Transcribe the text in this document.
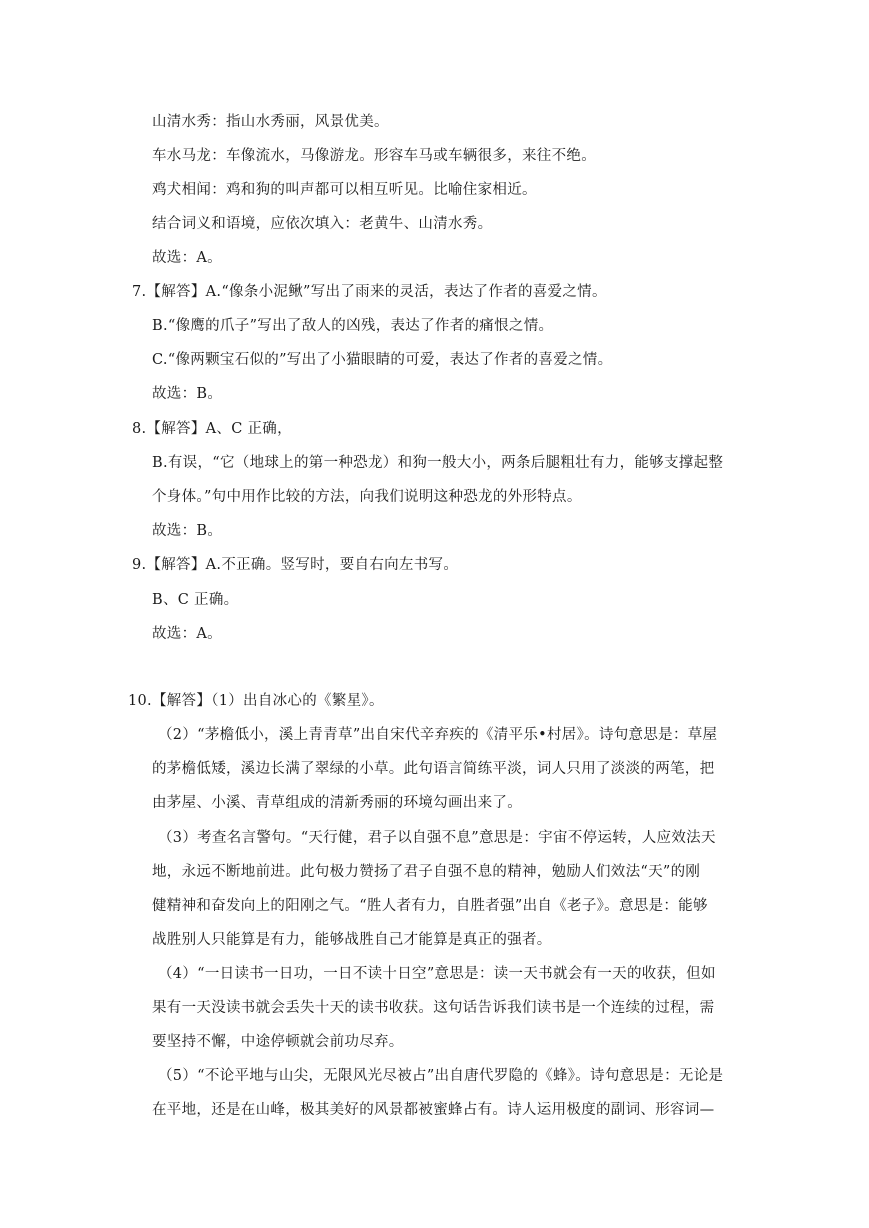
山清水秀：指山水秀丽，风景优美。
车水马龙：车像流水，马像游龙。形容车马或车辆很多，来往不绝。
鸡犬相闻：鸡和狗的叫声都可以相互听见。比喻住家相近。
结合词义和语境，应依次填入：老黄牛、山清水秀。
故选：A。
7.【解答】A.“像条小泥鳅”写出了雨来的灵活，表达了作者的喜爱之情。
B.“像鹰的爪子”写出了敌人的凶残，表达了作者的痛恨之情。
C.“像两颗宝石似的”写出了小猫眼睛的可爱，表达了作者的喜爱之情。
故选：B。
8.【解答】A、C 正确，
B.有误，“它（地球上的第一种恐龙）和狗一般大小，两条后腿粗壮有力，能够支撑起整
个身体。”句中用作比较的方法，向我们说明这种恐龙的外形特点。
故选：B。
9.【解答】A.不正确。竖写时，要自右向左书写。
B、C 正确。
故选：A。
10.【解答】（1）出自冰心的《繁星》。
（2）“茅檐低小，溪上青青草”出自宋代辛弃疾的《清平乐•村居》。诗句意思是：草屋
的茅檐低矮，溪边长满了翠绿的小草。此句语言简练平淡，词人只用了淡淡的两笔，把
由茅屋、小溪、青草组成的清新秀丽的环境勾画出来了。
（3）考查名言警句。“天行健，君子以自强不息”意思是：宇宙不停运转，人应效法天
地，永远不断地前进。此句极力赞扬了君子自强不息的精神，勉励人们效法“天”的刚
健精神和奋发向上的阳刚之气。“胜人者有力，自胜者强”出自《老子》。意思是：能够
战胜别人只能算是有力，能够战胜自己才能算是真正的强者。
（4）“一日读书一日功，一日不读十日空”意思是：读一天书就会有一天的收获，但如
果有一天没读书就会丢失十天的读书收获。这句话告诉我们读书是一个连续的过程，需
要坚持不懈，中途停顿就会前功尽弃。
（5）“不论平地与山尖，无限风光尽被占”出自唐代罗隐的《蜂》。诗句意思是：无论是
在平地，还是在山峰，极其美好的风景都被蜜蜂占有。诗人运用极度的副词、形容词—
